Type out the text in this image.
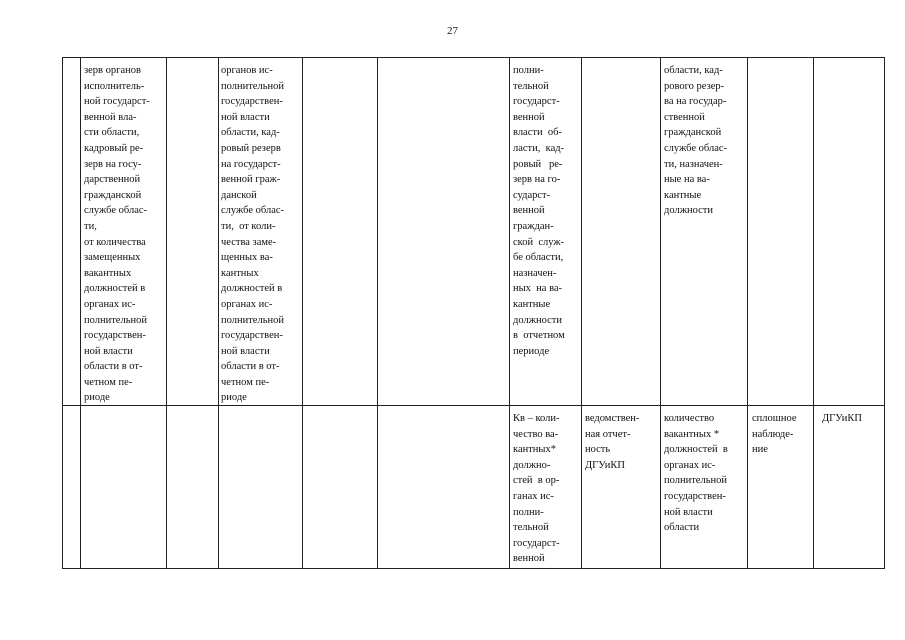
27
зерв органов
исполнитель-
ной государст-
венной вла-
сти области,
кадровый ре-
зерв на госу-
дарственной
гражданской
службе облас-
ти,
от количества
замещенных
вакантных
должностей в
органах ис-
полнительной
государствен-
ной власти
области в от-
четном пе-
риоде
органов ис-
полнительной
государствен-
ной власти
области, кад-
ровый резерв
на государст-
венной граж-
данской
службе облас-
ти,  от коли-
чества заме-
щенных ва-
кантных
должностей в
органах ис-
полнительной
государствен-
ной власти
области в от-
четном пе-
риоде
полни-
тельной
государст-
венной
власти  об-
ласти,  кад-
ровый   ре-
зерв на го-
сударст-
венной
граждан-
ской  служ-
бе области,
назначен-
ных  на ва-
кантные
должности
в  отчетном
периоде
области, кад-
рового резер-
ва на государ-
ственной
гражданской
службе облас-
ти, назначен-
ные на ва-
кантные
должности
Кв – коли-
чество ва-
кантных*
должно-
стей  в ор-
ганах ис-
полни-
тельной
государст-
венной
ведомствен-
ная отчет-
ность
ДГУиКП
количество
вакантных *
должностей  в
органах ис-
полнительной
государствен-
ной власти
области
сплошное
наблюде-
ние
ДГУиКП
